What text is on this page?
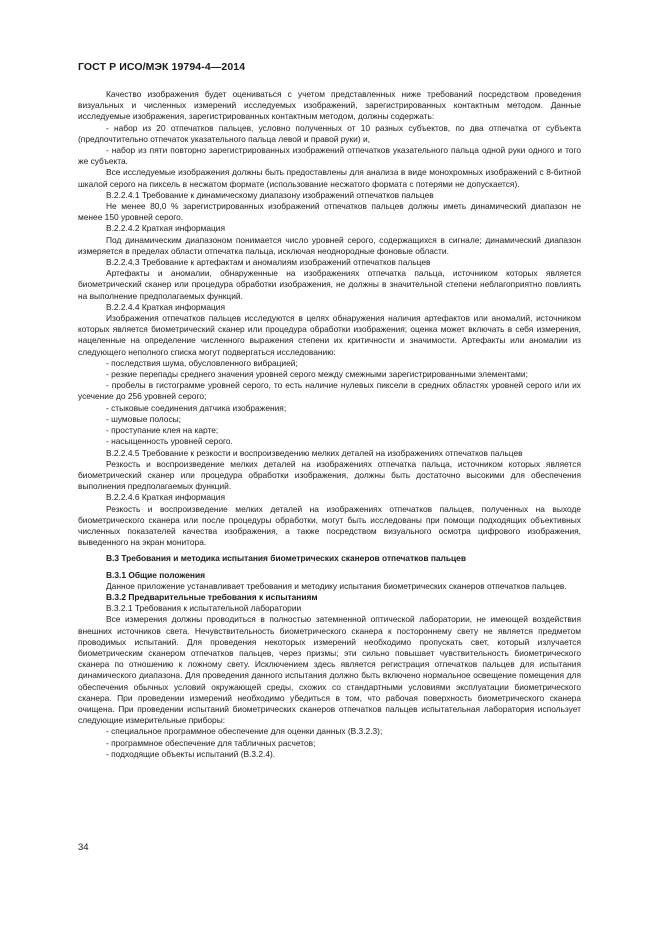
ГОСТ Р ИСО/МЭК 19794-4—2014

Качество изображения будет оцениваться с учетом представленных ниже требований посредством проведения визуальных и численных измерений исследуемых изображений, зарегистрированных контактным методом. Данные исследуемые изображения, зарегистрированных контактным методом, должны содержать:

- набор из 20 отпечатков пальцев, условно полученных от 10 разных субъектов, по два отпечатка от субъекта (предпочтительно отпечаток указательного пальца левой и правой руки) и,

- набор из пяти повторно зарегистрированных изображений отпечатков указательного пальца одной руки одного и того же субъекта.

Все исследуемые изображения должны быть предоставлены для анализа в виде монохромных изображений с 8-битной шкалой серого на пиксель в несжатом формате (использование несжатого формата с потерями не допускается).

В.2.2.4.1 Требование к динамическому диапазону изображений отпечатков пальцев

Не менее 80,0 % зарегистрированных изображений отпечатков пальцев должны иметь динамический диапазон не менее 150 уровней серого.

В.2.2.4.2 Краткая информация

Под динамическим диапазоном понимается число уровней серого, содержащихся в сигнале; динамический диапазон измеряется в пределах области отпечатка пальца, исключая неоднородные фоновые области.

В.2.2.4.3 Требование к артефактам и аномалиям изображений отпечатков пальцев

Артефакты и аномалии, обнаруженные на изображениях отпечатка пальца, источником которых является биометрический сканер или процедура обработки изображения, не должны в значительной степени неблагоприятно повлиять на выполнение предполагаемых функций.

В.2.2.4.4 Краткая информация

Изображения отпечатков пальцев исследуются в целях обнаружения наличия артефактов или аномалий, источником которых является биометрический сканер или процедура обработки изображения; оценка может включать в себя измерения, нацеленные на определение численного выражения степени их критичности и значимости. Артефакты или аномалии из следующего неполного списка могут подвергаться исследованию:

- последствия шума, обусловленного вибрацией;

- резкие перепады среднего значения уровней серого между смежными зарегистрированными элементами;

- пробелы в гистограмме уровней серого, то есть наличие нулевых пиксели в средних областях уровней серого или их усечение до 256 уровней серого;

- стыковые соединения датчика изображения;

- шумовые полосы;

- проступание клея на карте;

- насыщенность уровней серого.

В.2.2.4.5 Требование к резкости и воспроизведению мелких деталей на изображениях отпечатков пальцев

Резкость и воспроизведение мелких деталей на изображениях отпечатка пальца, источником которых является биометрический сканер или процедура обработки изображения, должны быть достаточно высокими для обеспечения выполнения предполагаемых функций.

В.2.2.4.6 Краткая информация

Резкость и воспроизведение мелких деталей на изображениях отпечатков пальцев, полученных на выходе биометрического сканера или после процедуры обработки, могут быть исследованы при помощи подходящих объективных численных показателей качества изображения, а также посредством визуального осмотра цифрового изображения, выведенного на экран монитора.

В.3 Требования и методика испытания биометрических сканеров отпечатков пальцев

В.3.1 Общие положения

Данное приложение устанавливает требования и методику испытания биометрических сканеров отпечатков пальцев.

В.3.2 Предварительные требования к испытаниям

В.3.2.1 Требования к испытательной лаборатории

Все измерения должны проводиться в полностью затемненной оптической лаборатории, не имеющей воздействия внешних источников света. Нечувствительность биометрического сканера к постороннему свету не является предметом проводимых испытаний. Для проведения некоторых измерений необходимо пропускать свет, который излучается биометрическим сканером отпечатков пальцев, через призмы; эти сильно повышает чувствительность биометрического сканера по отношению к ложному свету. Исключением здесь является регистрация отпечатков пальцев для испытания динамического диапазона. Для проведения данного испытания должно быть включено нормальное освещение помещения для обеспечения обычных условий окружающей среды, схожих со стандартными условиями эксплуатации биометрического сканера. При проведении измерений необходимо убедиться в том, что рабочая поверхность биометрического сканера очищена. При проведении испытаний биометрических сканеров отпечатков пальцев испытательная лаборатория использует следующие измерительные приборы:

- специальное программное обеспечение для оценки данных (В.3.2.3);

- программное обеспечение для табличных расчетов;

- подходящие объекты испытаний (В.3.2.4).

34
